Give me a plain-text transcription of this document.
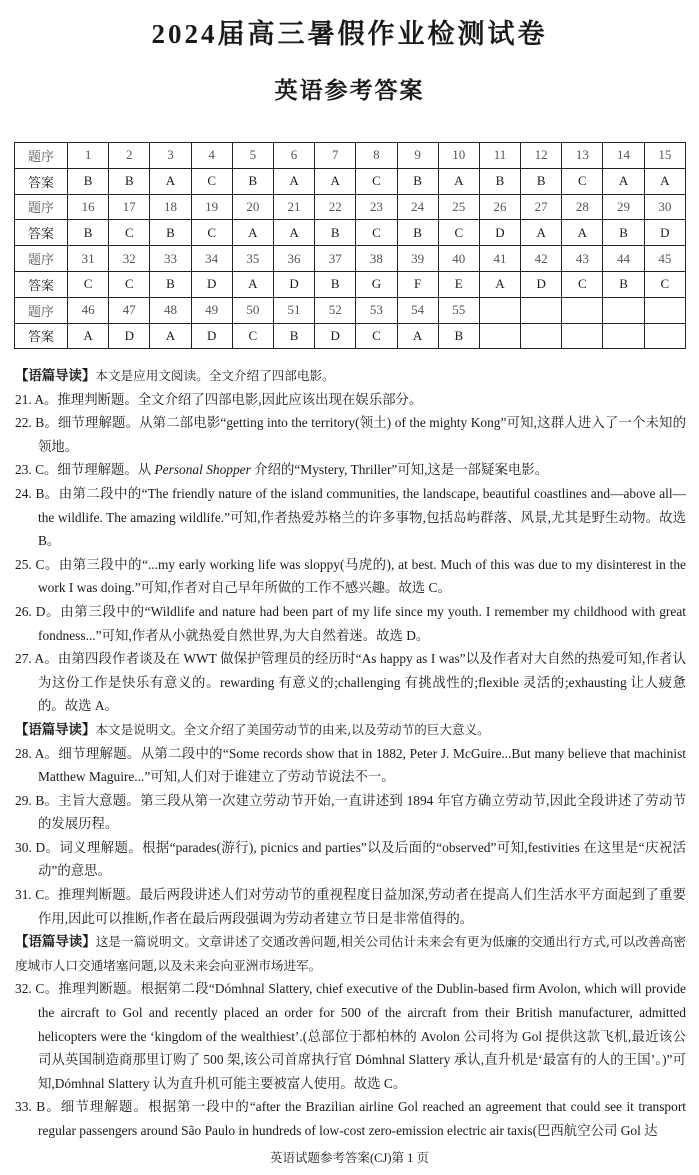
2024届高三暑假作业检测试卷
英语参考答案
题序	1	2	3	4	5	6	7	8	9	10	11	12	13	14	15
答案	B	B	A	C	B	A	A	C	B	A	B	B	C	A	A
题序	16	17	18	19	20	21	22	23	24	25	26	27	28	29	30
答案	B	C	B	C	A	A	B	C	B	C	D	A	A	B	D
题序	31	32	33	34	35	36	37	38	39	40	41	42	43	44	45
答案	C	C	B	D	A	D	B	G	F	E	A	D	C	B	C
题序	46	47	48	49	50	51	52	53	54	55					
答案	A	D	A	D	C	B	D	C	A	B					
【语篇导读】本文是应用文阅读。全文介绍了四部电影。
21. A。推理判断题。全文介绍了四部电影,因此应该出现在娱乐部分。
22. B。细节理解题。从第二部电影“getting into the territory(领土) of the mighty Kong”可知,这群人进入了一个未知的领地。
23. C。细节理解题。从 Personal Shopper 介绍的“Mystery, Thriller”可知,这是一部疑案电影。
24. B。由第二段中的“The friendly nature of the island communities, the landscape, beautiful coastlines and—above all—the wildlife. The amazing wildlife.”可知,作者热爱苏格兰的许多事物,包括岛屿群落、风景,尤其是野生动物。故选 B。
25. C。由第三段中的“...my early working life was sloppy(马虎的), at best. Much of this was due to my disinterest in the work I was doing.”可知,作者对自己早年所做的工作不感兴趣。故选 C。
26. D。由第三段中的“Wildlife and nature had been part of my life since my youth. I remember my childhood with great fondness...”可知,作者从小就热爱自然世界,为大自然着迷。故选 D。
27. A。由第四段作者谈及在 WWT 做保护管理员的经历时“As happy as I was”以及作者对大自然的热爱可知,作者认为这份工作是快乐有意义的。rewarding 有意义的;challenging 有挑战性的;flexible 灵活的;exhausting 让人疲惫的。故选 A。
【语篇导读】本文是说明文。全文介绍了美国劳动节的由来,以及劳动节的巨大意义。
28. A。细节理解题。从第二段中的“Some records show that in 1882, Peter J. McGuire...But many believe that machinist Matthew Maguire...”可知,人们对于谁建立了劳动节说法不一。
29. B。主旨大意题。第三段从第一次建立劳动节开始,一直讲述到 1894 年官方确立劳动节,因此全段讲述了劳动节的发展历程。
30. D。词义理解题。根据“parades(游行), picnics and parties”以及后面的“observed”可知,festivities 在这里是“庆祝活动”的意思。
31. C。推理判断题。最后两段讲述人们对劳动节的重视程度日益加深,劳动者在提高人们生活水平方面起到了重要作用,因此可以推断,作者在最后两段强调为劳动者建立节日是非常值得的。
【语篇导读】这是一篇说明文。文章讲述了交通改善问题,相关公司估计未来会有更为低廉的交通出行方式,可以改善高密度城市人口交通堵塞问题,以及未来会向亚洲市场进军。
32. C。推理判断题。根据第二段“Dómhnal Slattery, chief executive of the Dublin-based firm Avolon, which will provide the aircraft to Gol and recently placed an order for 500 of the aircraft from their British manufacturer, admitted helicopters were the ‘kingdom of the wealthiest’.(总部位于都柏林的 Avolon 公司将为 Gol 提供这款飞机,最近该公司从英国制造商那里订购了 500 架,该公司首席执行官 Dómhnal Slattery 承认,直升机是‘最富有的人的王国’。)”可知,Dómhnal Slattery 认为直升机可能主要被富人使用。故选 C。
33. B。细节理解题。根据第一段中的“after the Brazilian airline Gol reached an agreement that could see it transport regular passengers around São Paulo in hundreds of low-cost zero-emission electric air taxis(巴西航空公司 Gol 达
英语试题参考答案(CJ)第 1 页
